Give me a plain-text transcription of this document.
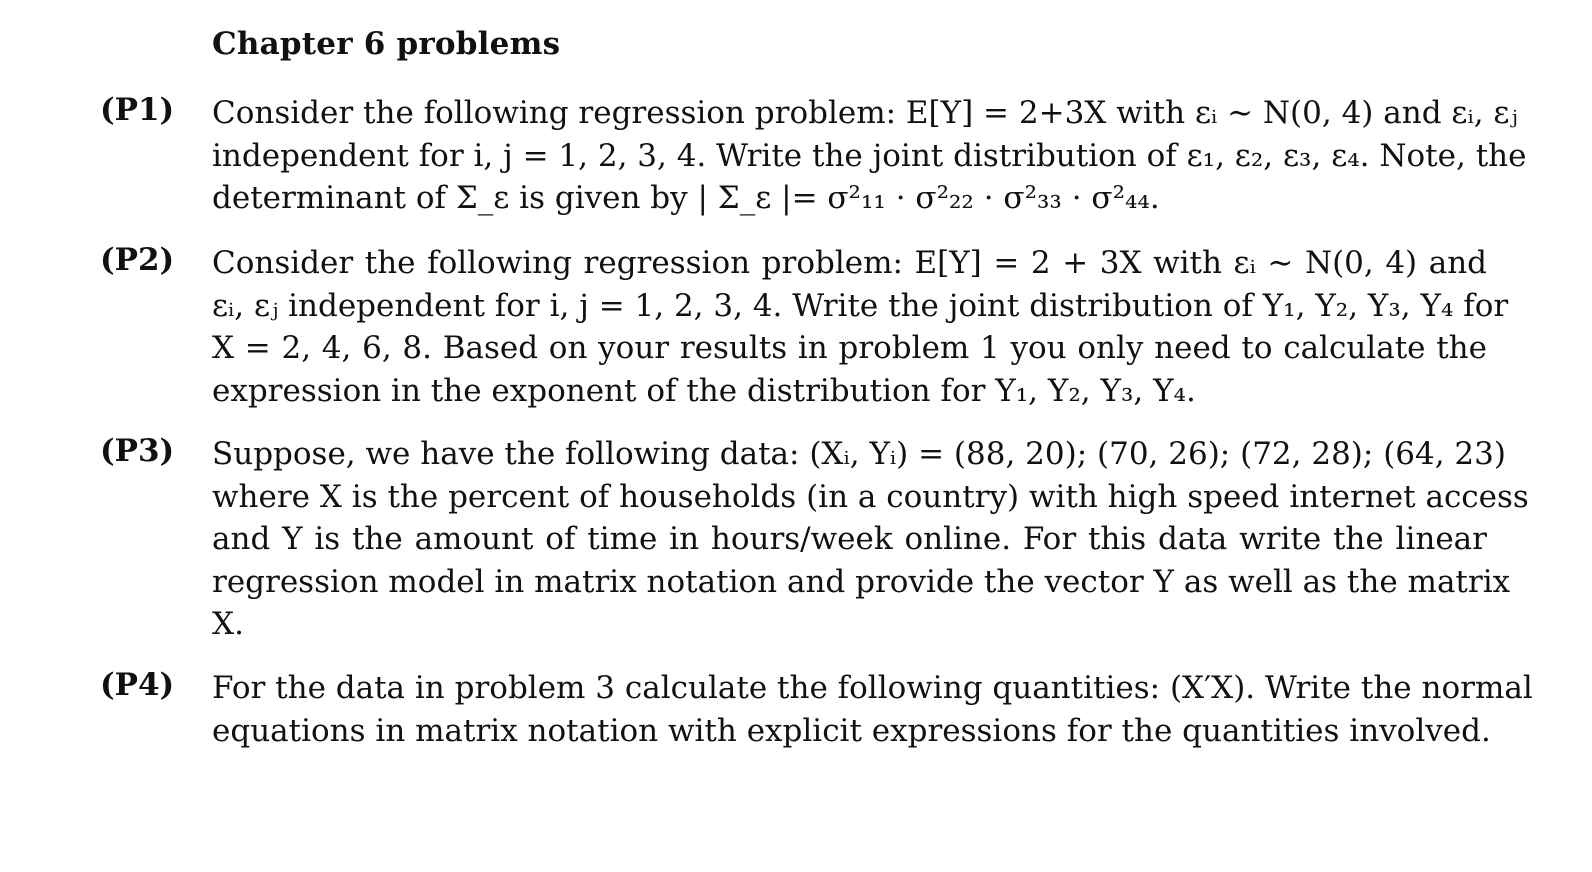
Chapter 6 problems
(P1) Consider the following regression problem: E[Y] = 2+3X with εᵢ ∼ N(0, 4) and εᵢ, εⱼ
independent for i, j = 1, 2, 3, 4. Write the joint distribution of ε₁, ε₂, ε₃, ε₄. Note, the
determinant of Σ_ε is given by | Σ_ε |= σ²₁₁ · σ²₂₂ · σ²₃₃ · σ²₄₄.
(P2) Consider the following regression problem: E[Y] = 2 + 3X with εᵢ ∼ N(0, 4) and
εᵢ, εⱼ independent for i, j = 1, 2, 3, 4. Write the joint distribution of Y₁, Y₂, Y₃, Y₄ for
X = 2, 4, 6, 8. Based on your results in problem 1 you only need to calculate the
expression in the exponent of the distribution for Y₁, Y₂, Y₃, Y₄.
(P3) Suppose, we have the following data: (Xᵢ, Yᵢ) = (88, 20); (70, 26); (72, 28); (64, 23)
where X is the percent of households (in a country) with high speed internet access
and Y is the amount of time in hours/week online. For this data write the linear
regression model in matrix notation and provide the vector Y as well as the matrix
X.
(P4) For the data in problem 3 calculate the following quantities: (X′X). Write the normal
equations in matrix notation with explicit expressions for the quantities involved.
